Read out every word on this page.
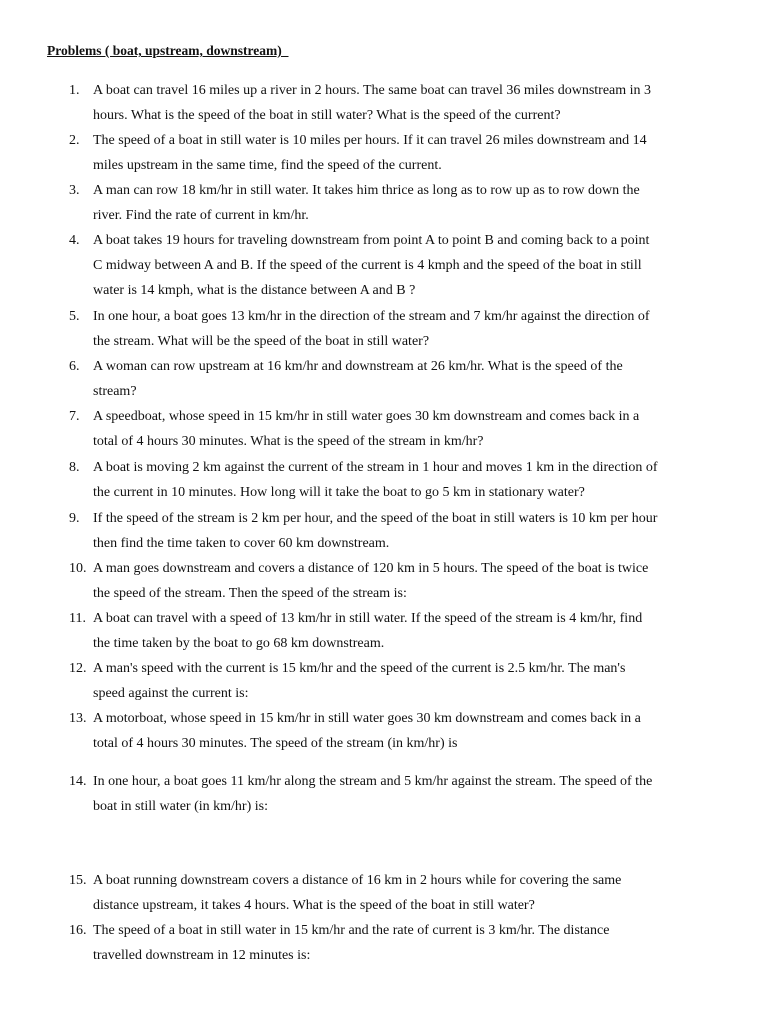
Problems ( boat, upstream, downstream)

1. A boat can travel 16 miles up a river in 2 hours. The same boat can travel 36 miles downstream in 3
hours. What is the speed of the boat in still water? What is the speed of the current?
2. The speed of a boat in still water is 10 miles per hours. If it can travel 26 miles downstream and 14
miles upstream in the same time, find the speed of the current.
3. A man can row 18 km/hr in still water. It takes him thrice as long as to row up as to row down the
river. Find the rate of current in km/hr.
4. A boat takes 19 hours for traveling downstream from point A to point B and coming back to a point
C midway between A and B. If the speed of the current is 4 kmph and the speed of the boat in still
water is 14 kmph, what is the distance between A and B ?
5. In one hour, a boat goes 13 km/hr in the direction of the stream and 7 km/hr against the direction of
the stream. What will be the speed of the boat in still water?
6. A woman can row upstream at 16 km/hr and downstream at 26 km/hr. What is the speed of the
stream?
7. A speedboat, whose speed in 15 km/hr in still water goes 30 km downstream and comes back in a
total of 4 hours 30 minutes. What is the speed of the stream in km/hr?
8. A boat is moving 2 km against the current of the stream in 1 hour and moves 1 km in the direction of
the current in 10 minutes. How long will it take the boat to go 5 km in stationary water?
9. If the speed of the stream is 2 km per hour, and the speed of the boat in still waters is 10 km per hour
then find the time taken to cover 60 km downstream.
10. A man goes downstream and covers a distance of 120 km in 5 hours. The speed of the boat is twice
the speed of the stream. Then the speed of the stream is:
11. A boat can travel with a speed of 13 km/hr in still water. If the speed of the stream is 4 km/hr, find
the time taken by the boat to go 68 km downstream.
12. A man's speed with the current is 15 km/hr and the speed of the current is 2.5 km/hr. The man's
speed against the current is:
13. A motorboat, whose speed in 15 km/hr in still water goes 30 km downstream and comes back in a
total of 4 hours 30 minutes. The speed of the stream (in km/hr) is
14. In one hour, a boat goes 11 km/hr along the stream and 5 km/hr against the stream. The speed of the
boat in still water (in km/hr) is:
15. A boat running downstream covers a distance of 16 km in 2 hours while for covering the same
distance upstream, it takes 4 hours. What is the speed of the boat in still water?
16. The speed of a boat in still water in 15 km/hr and the rate of current is 3 km/hr. The distance
travelled downstream in 12 minutes is:
